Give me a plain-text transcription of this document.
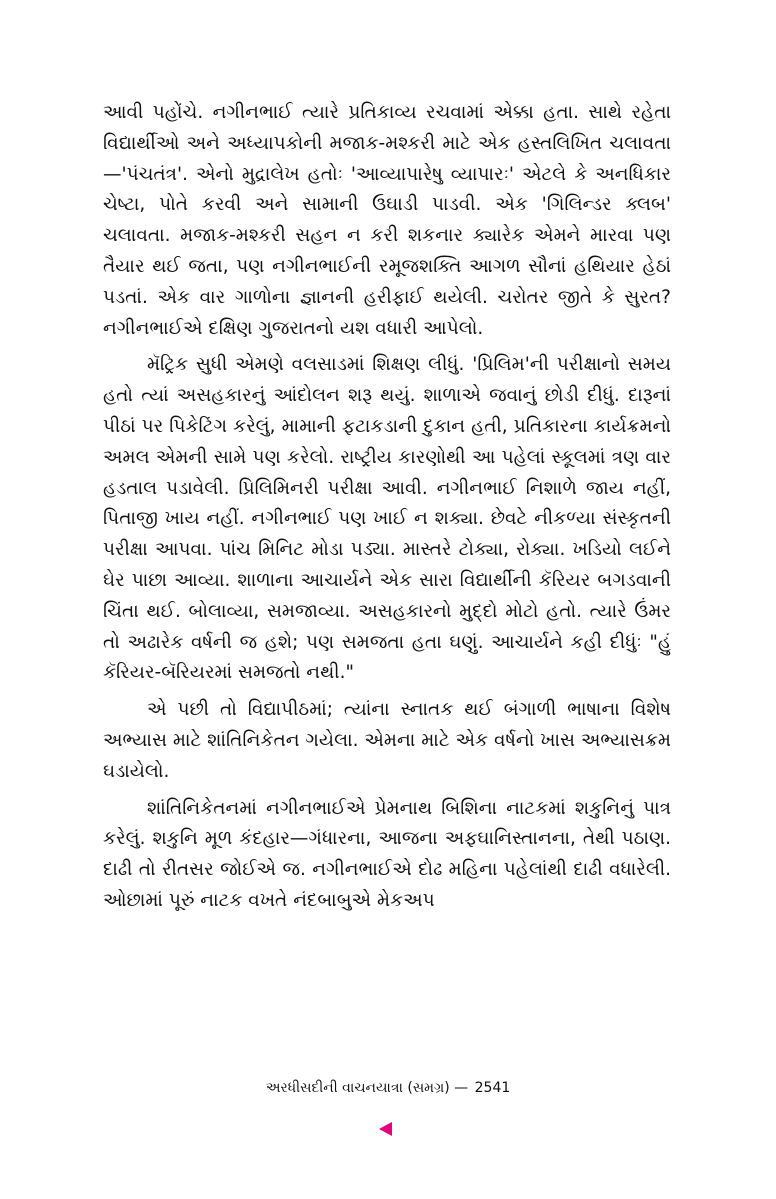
આવી પહોંચે. નગીનભાઈ ત્યારે પ્રતિકાવ્ય રચવામાં એક્કા હતા. સાથે રહેતા વિદ્યાર્થીઓ અને અધ્યાપકોની મજાક-મશ્કરી માટે એક હસ્તલિખિત ચલાવતા—'પંચતંત્ર'. એનો મુદ્રાલેખ હતોઃ 'આવ્યાપારેષુ વ્યાપારઃ' એટલે કે અનધિકાર ચેષ્ટા, પોતે કરવી અને સામાની ઉઘાડી પાડવી. એક 'ગિલિન્ડર ક્લબ' ચલાવતા. મજાક-મશ્કરી સહન ન કરી શકનાર ક્યારેક એમને મારવા પણ તૈયાર થઈ જતા, પણ નગીનભાઈની રમૂજશક્તિ આગળ સૌનાં હથિયાર હેઠાં પડતાં. એક વાર ગાળોના જ્ઞાનની હરીફાઈ થયેલી. ચરોતર જીતે કે સુરત? નગીનભાઈએ દક્ષિણ ગુજરાતનો યશ વધારી આપેલો.

મૅટ્રિક સુધી એમણે વલસાડમાં શિક્ષણ લીધું. 'પ્રિલિમ'ની પરીક્ષાનો સમય હતો ત્યાં અસહકારનું આંદોલન શરૂ થયું. શાળાએ જવાનું છોડી દીધું. દારૂનાં પીઠાં પર પિકેટિંગ કરેલું, મામાની ફટાકડાની દુકાન હતી, પ્રતિકારના કાર્યક્રમનો અમલ એમની સામે પણ કરેલો. રાષ્ટ્રીય કારણોથી આ પહેલાં સ્કૂલમાં ત્રણ વાર હડતાલ પડાવેલી. પ્રિલિમિનરી પરીક્ષા આવી. નગીનભાઈ નિશાળે જાય નહીં, પિતાજી ખાય નહીં. નગીનભાઈ પણ ખાઈ ન શક્યા. છેવટે નીકળ્યા સંસ્કૃતની પરીક્ષા આપવા. પાંચ મિનિટ મોડા પડ્યા. માસ્તરે ટોક્યા, રોક્યા. ખડિયો લઈને ઘેર પાછા આવ્યા. શાળાના આચાર્યને એક સારા વિદ્યાર્થીની કૅરિયર બગડવાની ચિંતા થઈ. બોલાવ્યા, સમજાવ્યા. અસહકારનો મુદ્દો મોટો હતો. ત્યારે ઉંમર તો અઢારેક વર્ષની જ હશે; પણ સમજતા હતા ઘણું. આચાર્યને કહી દીધુંઃ "હું કૅરિયર-બૅરિયરમાં સમજતો નથી."

એ પછી તો વિદ્યાપીઠમાં; ત્યાંના સ્નાતક થઈ બંગાળી ભાષાના વિશેષ અભ્યાસ માટે શાંતિનિકેતન ગયેલા. એમના માટે એક વર્ષનો ખાસ અભ્યાસક્રમ ઘડાયેલો.

શાંતિનિકેતનમાં નગીનભાઈએ પ્રેમનાથ બિશિના નાટકમાં શકુનિનું પાત્ર કરેલું. શકુનિ મૂળ કંદહાર—ગંધારના, આજના અફઘાનિસ્તાનના, તેથી પઠાણ. દાઢી તો રીતસર જોઈએ જ. નગીનભાઈએ દોઢ મહિના પહેલાંથી દાઢી વધારેલી. ઓછામાં પૂરું નાટક વખતે નંદબાબુએ મેકઅપ

અરધીસદીની વાચનયાત્રા (સમગ્ર) — 2541
